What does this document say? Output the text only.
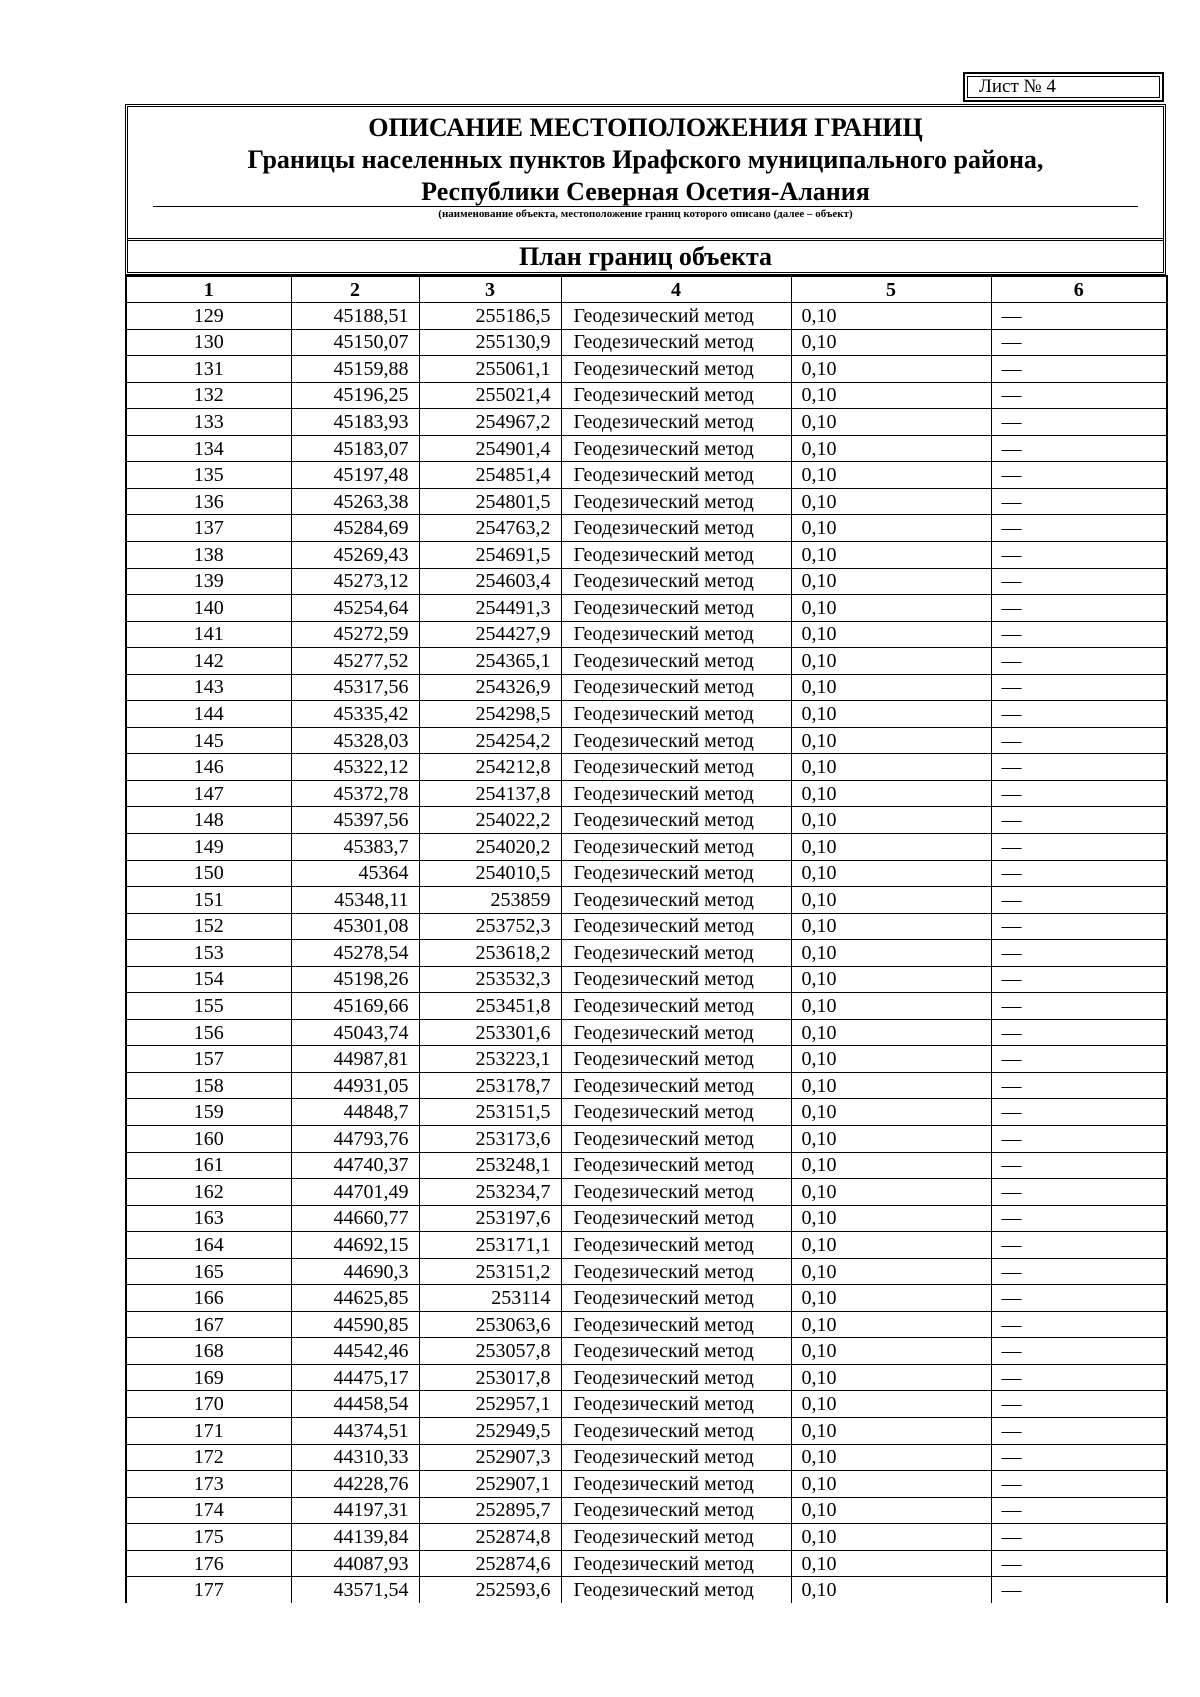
Лист № 4
ОПИСАНИЕ МЕСТОПОЛОЖЕНИЯ ГРАНИЦ
Границы населенных пунктов Ирафского муниципального района,
Республики Северная Осетия-Алания
(наименование объекта, местоположение границ которого описано (далее – объект)
План границ объекта
1	2	3	4	5	6
129	45188,51	255186,5	Геодезический метод	0,10	—
130	45150,07	255130,9	Геодезический метод	0,10	—
131	45159,88	255061,1	Геодезический метод	0,10	—
132	45196,25	255021,4	Геодезический метод	0,10	—
133	45183,93	254967,2	Геодезический метод	0,10	—
134	45183,07	254901,4	Геодезический метод	0,10	—
135	45197,48	254851,4	Геодезический метод	0,10	—
136	45263,38	254801,5	Геодезический метод	0,10	—
137	45284,69	254763,2	Геодезический метод	0,10	—
138	45269,43	254691,5	Геодезический метод	0,10	—
139	45273,12	254603,4	Геодезический метод	0,10	—
140	45254,64	254491,3	Геодезический метод	0,10	—
141	45272,59	254427,9	Геодезический метод	0,10	—
142	45277,52	254365,1	Геодезический метод	0,10	—
143	45317,56	254326,9	Геодезический метод	0,10	—
144	45335,42	254298,5	Геодезический метод	0,10	—
145	45328,03	254254,2	Геодезический метод	0,10	—
146	45322,12	254212,8	Геодезический метод	0,10	—
147	45372,78	254137,8	Геодезический метод	0,10	—
148	45397,56	254022,2	Геодезический метод	0,10	—
149	45383,7	254020,2	Геодезический метод	0,10	—
150	45364	254010,5	Геодезический метод	0,10	—
151	45348,11	253859	Геодезический метод	0,10	—
152	45301,08	253752,3	Геодезический метод	0,10	—
153	45278,54	253618,2	Геодезический метод	0,10	—
154	45198,26	253532,3	Геодезический метод	0,10	—
155	45169,66	253451,8	Геодезический метод	0,10	—
156	45043,74	253301,6	Геодезический метод	0,10	—
157	44987,81	253223,1	Геодезический метод	0,10	—
158	44931,05	253178,7	Геодезический метод	0,10	—
159	44848,7	253151,5	Геодезический метод	0,10	—
160	44793,76	253173,6	Геодезический метод	0,10	—
161	44740,37	253248,1	Геодезический метод	0,10	—
162	44701,49	253234,7	Геодезический метод	0,10	—
163	44660,77	253197,6	Геодезический метод	0,10	—
164	44692,15	253171,1	Геодезический метод	0,10	—
165	44690,3	253151,2	Геодезический метод	0,10	—
166	44625,85	253114	Геодезический метод	0,10	—
167	44590,85	253063,6	Геодезический метод	0,10	—
168	44542,46	253057,8	Геодезический метод	0,10	—
169	44475,17	253017,8	Геодезический метод	0,10	—
170	44458,54	252957,1	Геодезический метод	0,10	—
171	44374,51	252949,5	Геодезический метод	0,10	—
172	44310,33	252907,3	Геодезический метод	0,10	—
173	44228,76	252907,1	Геодезический метод	0,10	—
174	44197,31	252895,7	Геодезический метод	0,10	—
175	44139,84	252874,8	Геодезический метод	0,10	—
176	44087,93	252874,6	Геодезический метод	0,10	—
177	43571,54	252593,6	Геодезический метод	0,10	—
